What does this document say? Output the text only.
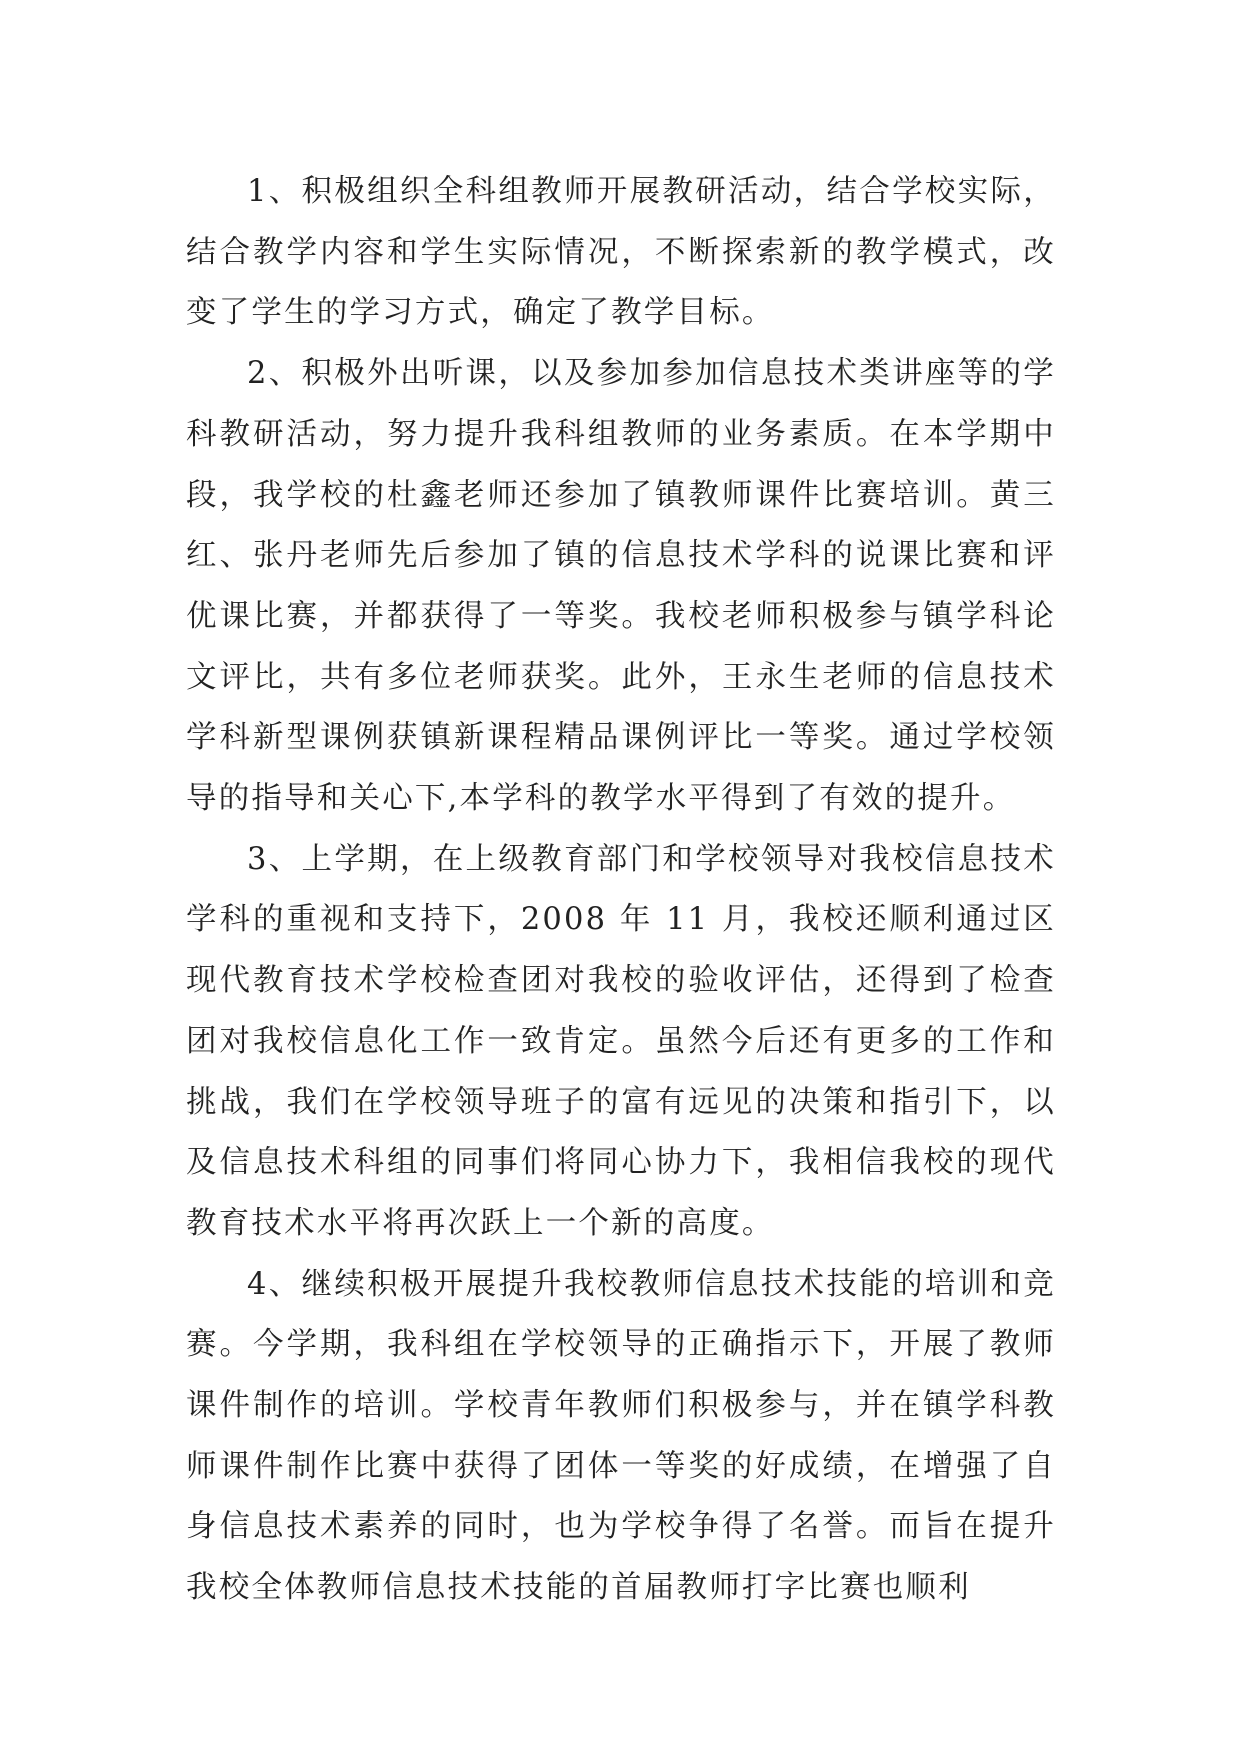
1、积极组织全科组教师开展教研活动，结合学校实际，结合教学内容和学生实际情况，不断探索新的教学模式，改变了学生的学习方式，确定了教学目标。

2、积极外出听课，以及参加参加信息技术类讲座等的学科教研活动，努力提升我科组教师的业务素质。在本学期中段，我学校的杜鑫老师还参加了镇教师课件比赛培训。黄三红、张丹老师先后参加了镇的信息技术学科的说课比赛和评优课比赛，并都获得了一等奖。我校老师积极参与镇学科论文评比，共有多位老师获奖。此外，王永生老师的信息技术学科新型课例获镇新课程精品课例评比一等奖。通过学校领导的指导和关心下,本学科的教学水平得到了有效的提升。

3、上学期，在上级教育部门和学校领导对我校信息技术学科的重视和支持下，2008 年 11 月，我校还顺利通过区现代教育技术学校检查团对我校的验收评估，还得到了检查团对我校信息化工作一致肯定。虽然今后还有更多的工作和挑战，我们在学校领导班子的富有远见的决策和指引下，以及信息技术科组的同事们将同心协力下，我相信我校的现代教育技术水平将再次跃上一个新的高度。

4、继续积极开展提升我校教师信息技术技能的培训和竞赛。今学期，我科组在学校领导的正确指示下，开展了教师课件制作的培训。学校青年教师们积极参与，并在镇学科教师课件制作比赛中获得了团体一等奖的好成绩，在增强了自身信息技术素养的同时，也为学校争得了名誉。而旨在提升我校全体教师信息技术技能的首届教师打字比赛也顺利
